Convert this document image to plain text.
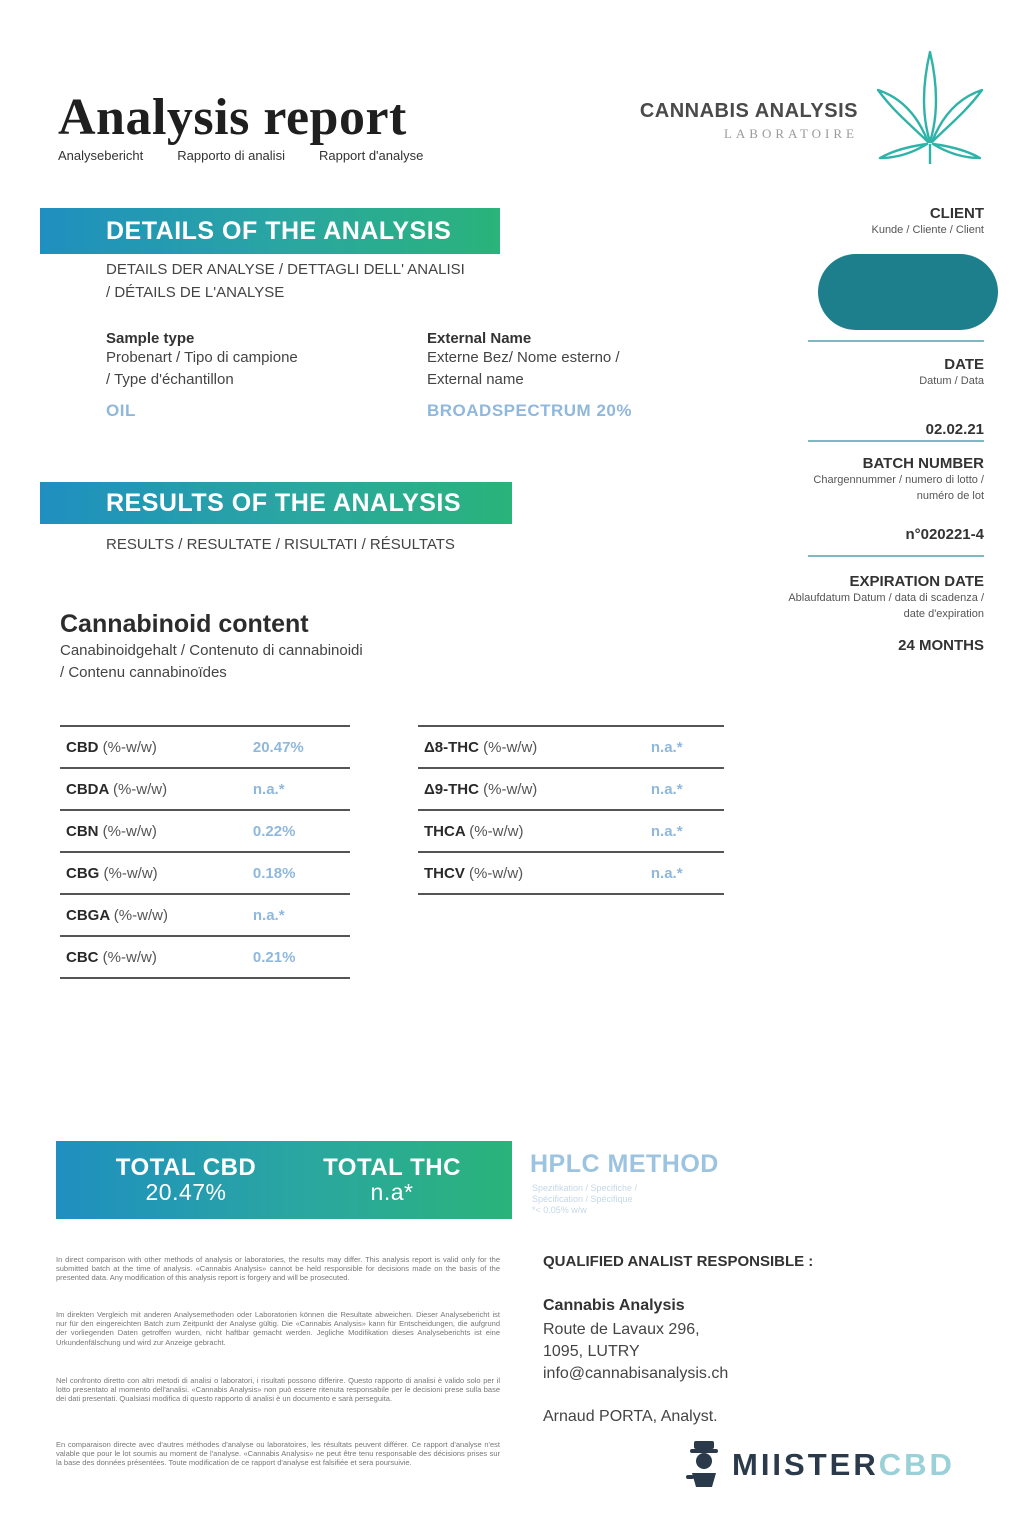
Analysis report
Analysebericht	Rapporto di analisi	Rapport d'analyse
CANNABIS ANALYSIS
LABORATOIRE
DETAILS OF THE ANALYSIS
DETAILS DER ANALYSE / DETTAGLI DELL' ANALISI
/ DÉTAILS DE L'ANALYSE
Sample type
Probenart / Tipo di campione
/ Type d'échantillon
OIL
External Name
Externe Bez/ Nome esterno /
External name
BROADSPECTRUM 20%
RESULTS OF THE ANALYSIS
RESULTS / RESULTATE / RISULTATI / RÉSULTATS
CLIENT
Kunde / Cliente / Client
DATE
Datum / Data
02.02.21
BATCH NUMBER
Chargennummer / numero di lotto /
numéro de lot
n°020221-4
EXPIRATION DATE
Ablaufdatum Datum / data di scadenza /
date d'expiration
24 MONTHS
Cannabinoid content
Canabinoidgehalt / Contenuto di cannabinoidi
/ Contenu cannabinoïdes
CBD (%-w/w)	20.47%
CBDA (%-w/w)	n.a.*
CBN (%-w/w)	0.22%
CBG (%-w/w)	0.18%
CBGA (%-w/w)	n.a.*
CBC (%-w/w)	0.21%
Δ8-THC (%-w/w)	n.a.*
Δ9-THC (%-w/w)	n.a.*
THCA (%-w/w)	n.a.*
THCV (%-w/w)	n.a.*
TOTAL CBD
20.47%
TOTAL THC
n.a*
HPLC METHOD
Spezifikation / Specifiche /
Spécification / Spécifique
*< 0.05% w/w
In direct comparison with other methods of analysis or laboratories, the results may differ. This analysis report is valid only for the submitted batch at the time of analysis. «Cannabis Analysis» cannot be held responsible for decisions made on the basis of the presented data. Any modification of this analysis report is forgery and will be prosecuted.
Im direkten Vergleich mit anderen Analysemethoden oder Laboratorien können die Resultate abweichen. Dieser Analysebericht ist nur für den eingereichten Batch zum Zeitpunkt der Analyse gültig. Die «Cannabis Analysis» kann für Entscheidungen, die aufgrund der vorliegenden Daten getroffen wurden, nicht haftbar gemacht werden. Jegliche Modifikation dieses Analyseberichts ist eine Urkundenfälschung und wird zur Anzeige gebracht.
Nel confronto diretto con altri metodi di analisi o laboratori, i risultati possono differire. Questo rapporto di analisi è valido solo per il lotto presentato al momento dell'analisi. «Cannabis Analysis» non può essere ritenuta responsabile per le decisioni prese sulla base dei dati presentati. Qualsiasi modifica di questo rapporto di analisi è un documento e sarà perseguita.
En comparaison directe avec d'autres méthodes d'analyse ou laboratoires, les résultats peuvent différer. Ce rapport d'analyse n'est valable que pour le lot soumis au moment de l'analyse. «Cannabis Analysis» ne peut être tenu responsable des décisions prises sur la base des données présentées. Toute modification de ce rapport d'analyse est falsifiée et sera poursuivie.
QUALIFIED ANALIST RESPONSIBLE :
Cannabis Analysis
Route de Lavaux 296,
1095, LUTRY
info@cannabisanalysis.ch
Arnaud PORTA, Analyst.
MIISTERCBD
